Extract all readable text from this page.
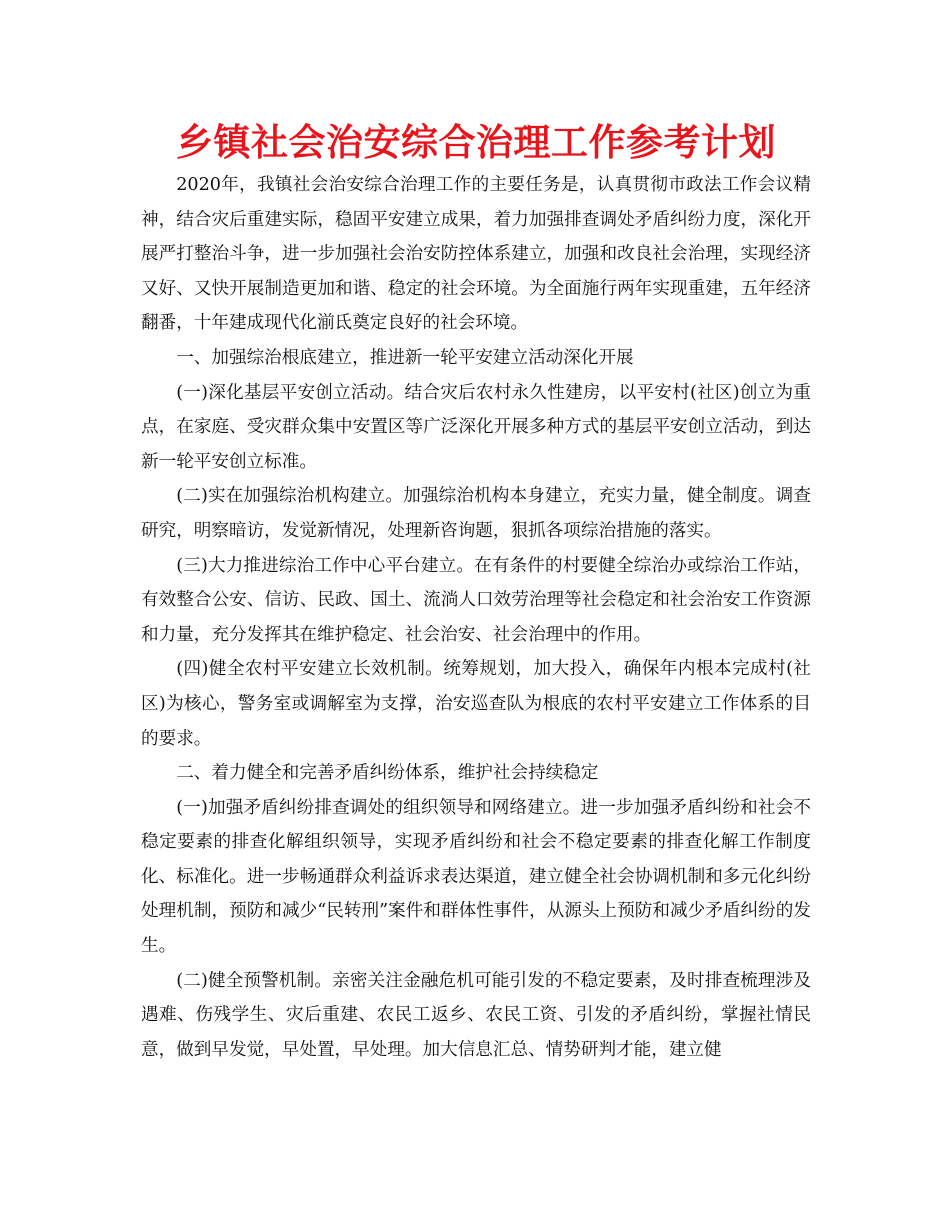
乡镇社会治安综合治理工作参考计划

2020年，我镇社会治安综合治理工作的主要任务是，认真贯彻市政法工作会议精神，结合灾后重建实际，稳固平安建立成果，着力加强排查调处矛盾纠纷力度，深化开展严打整治斗争，进一步加强社会治安防控体系建立，加强和改良社会治理，实现经济又好、又快开展制造更加和谐、稳定的社会环境。为全面施行两年实现重建，五年经济翻番，十年建成现代化湔氐奠定良好的社会环境。

一、加强综治根底建立，推进新一轮平安建立活动深化开展

(一)深化基层平安创立活动。结合灾后农村永久性建房，以平安村(社区)创立为重点，在家庭、受灾群众集中安置区等广泛深化开展多种方式的基层平安创立活动，到达新一轮平安创立标准。

(二)实在加强综治机构建立。加强综治机构本身建立，充实力量，健全制度。调查研究，明察暗访，发觉新情况，处理新咨询题，狠抓各项综治措施的落实。

(三)大力推进综治工作中心平台建立。在有条件的村要健全综治办或综治工作站，有效整合公安、信访、民政、国土、流淌人口效劳治理等社会稳定和社会治安工作资源和力量，充分发挥其在维护稳定、社会治安、社会治理中的作用。

(四)健全农村平安建立长效机制。统筹规划，加大投入，确保年内根本完成村(社区)为核心，警务室或调解室为支撑，治安巡查队为根底的农村平安建立工作体系的目的要求。

二、着力健全和完善矛盾纠纷体系，维护社会持续稳定

(一)加强矛盾纠纷排查调处的组织领导和网络建立。进一步加强矛盾纠纷和社会不稳定要素的排查化解组织领导，实现矛盾纠纷和社会不稳定要素的排查化解工作制度化、标准化。进一步畅通群众利益诉求表达渠道，建立健全社会协调机制和多元化纠纷处理机制，预防和减少“民转刑”案件和群体性事件，从源头上预防和减少矛盾纠纷的发生。

(二)健全预警机制。亲密关注金融危机可能引发的不稳定要素，及时排查梳理涉及遇难、伤残学生、灾后重建、农民工返乡、农民工资、引发的矛盾纠纷，掌握社情民意，做到早发觉，早处置，早处理。加大信息汇总、情势研判才能，建立健
